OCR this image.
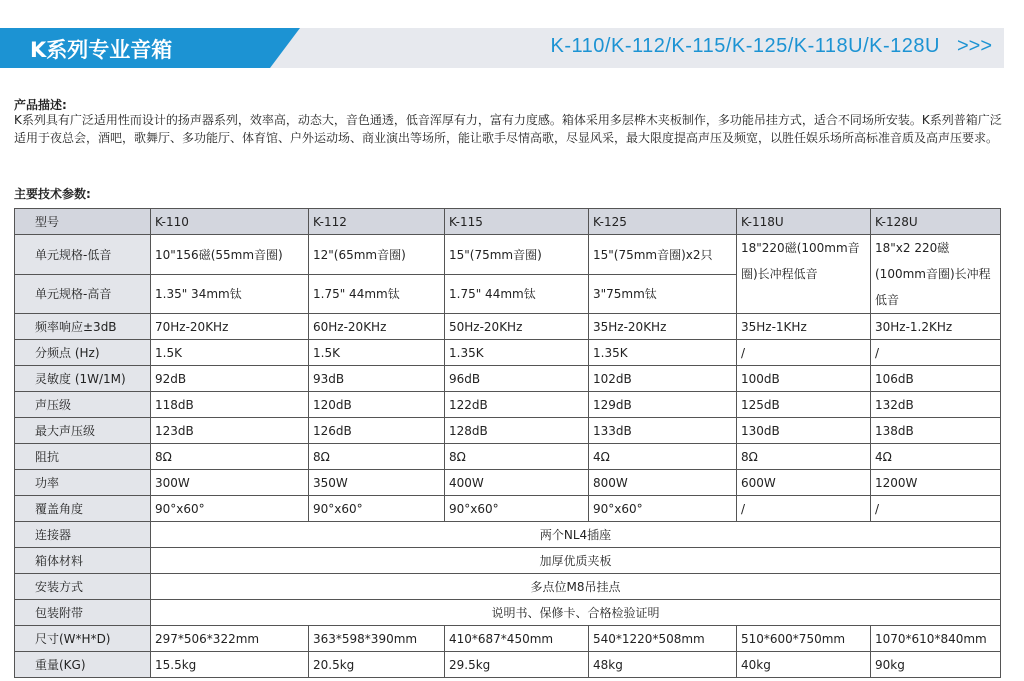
K系列专业音箱	K-110/K-112/K-115/K-125/K-118U/K-128U >>>
产品描述:
K系列具有广泛适用性而设计的扬声器系列，效率高，动态大，音色通透，低音浑厚有力，富有力度感。箱体采用多层桦木夹板制作，多功能吊挂方式，适合不同场所安装。K系列普箱广泛适用于夜总会，酒吧，歌舞厅、多功能厅、体育馆、户外运动场、商业演出等场所，能让歌手尽情高歌，尽显风采，最大限度提高声压及频宽，以胜任娱乐场所高标准音质及高声压要求。
主要技术参数:
型号	K-110	K-112	K-115	K-125	K-118U	K-128U
单元规格-低音	10"156磁(55mm音圈)	12"(65mm音圈)	15"(75mm音圈)	15"(75mm音圈)x2只	18"220磁(100mm音圈)长冲程低音	18"x2 220磁(100mm音圈)长冲程低音
单元规格-高音	1.35" 34mm钛	1.75" 44mm钛	1.75" 44mm钛	3"75mm钛		
频率响应±3dB	70Hz-20KHz	60Hz-20KHz	50Hz-20KHz	35Hz-20KHz	35Hz-1KHz	30Hz-1.2KHz
分频点 (Hz)	1.5K	1.5K	1.35K	1.35K	/	/
灵敏度 (1W/1M)	92dB	93dB	96dB	102dB	100dB	106dB
声压级	118dB	120dB	122dB	129dB	125dB	132dB
最大声压级	123dB	126dB	128dB	133dB	130dB	138dB
阻抗	8Ω	8Ω	8Ω	4Ω	8Ω	4Ω
功率	300W	350W	400W	800W	600W	1200W
覆盖角度	90°x60°	90°x60°	90°x60°	90°x60°	/	/
连接器	两个NL4插座					
箱体材料	加厚优质夹板					
安装方式	多点位M8吊挂点					
包装附带	说明书、保修卡、合格检验证明					
尺寸(W*H*D)	297*506*322mm	363*598*390mm	410*687*450mm	540*1220*508mm	510*600*750mm	1070*610*840mm
重量(KG)	15.5kg	20.5kg	29.5kg	48kg	40kg	90kg
